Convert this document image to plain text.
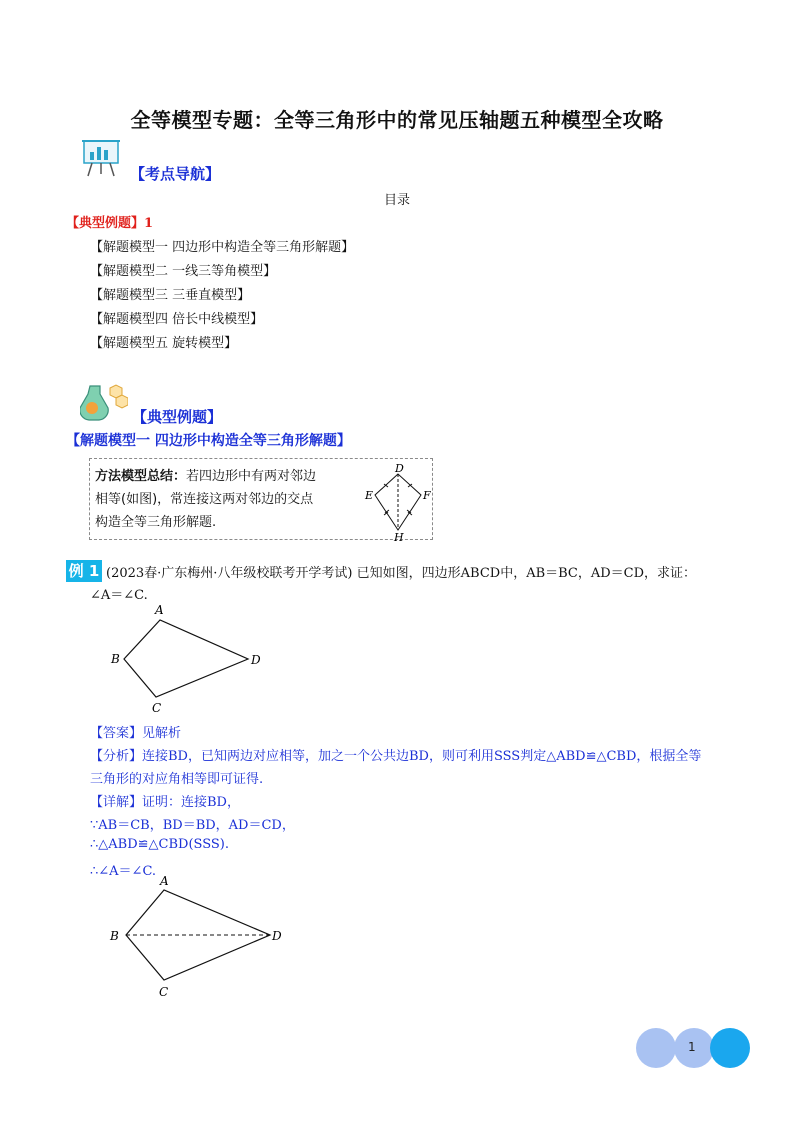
全等模型专题：全等三角形中的常见压轴题五种模型全攻略
【考点导航】
目录
【典型例题】1
【解题模型一 四边形中构造全等三角形解题】
【解题模型二 一线三等角模型】
【解题模型三 三垂直模型】
【解题模型四 倍长中线模型】
【解题模型五 旋转模型】
【典型例题】
【解题模型一 四边形中构造全等三角形解题】
方法模型总结：若四边形中有两对邻边
相等(如图)，常连接这两对邻边的交点
构造全等三角形解题.
D
E	F
H
例 1 (2023春·广东梅州·八年级校联考开学考试) 已知如图，四边形ABCD中，AB＝BC，AD＝CD，求证：
∠A＝∠C.
A
B
C
D
【答案】见解析
【分析】连接BD，已知两边对应相等，加之一个公共边BD，则可利用SSS判定△ABD≌△CBD，根据全等
三角形的对应角相等即可证得.
【详解】证明：连接BD，
∵AB＝CB，BD＝BD，AD＝CD，
∴△ABD≌△CBD(SSS).
∴∠A＝∠C.
A
B
C
D
1
